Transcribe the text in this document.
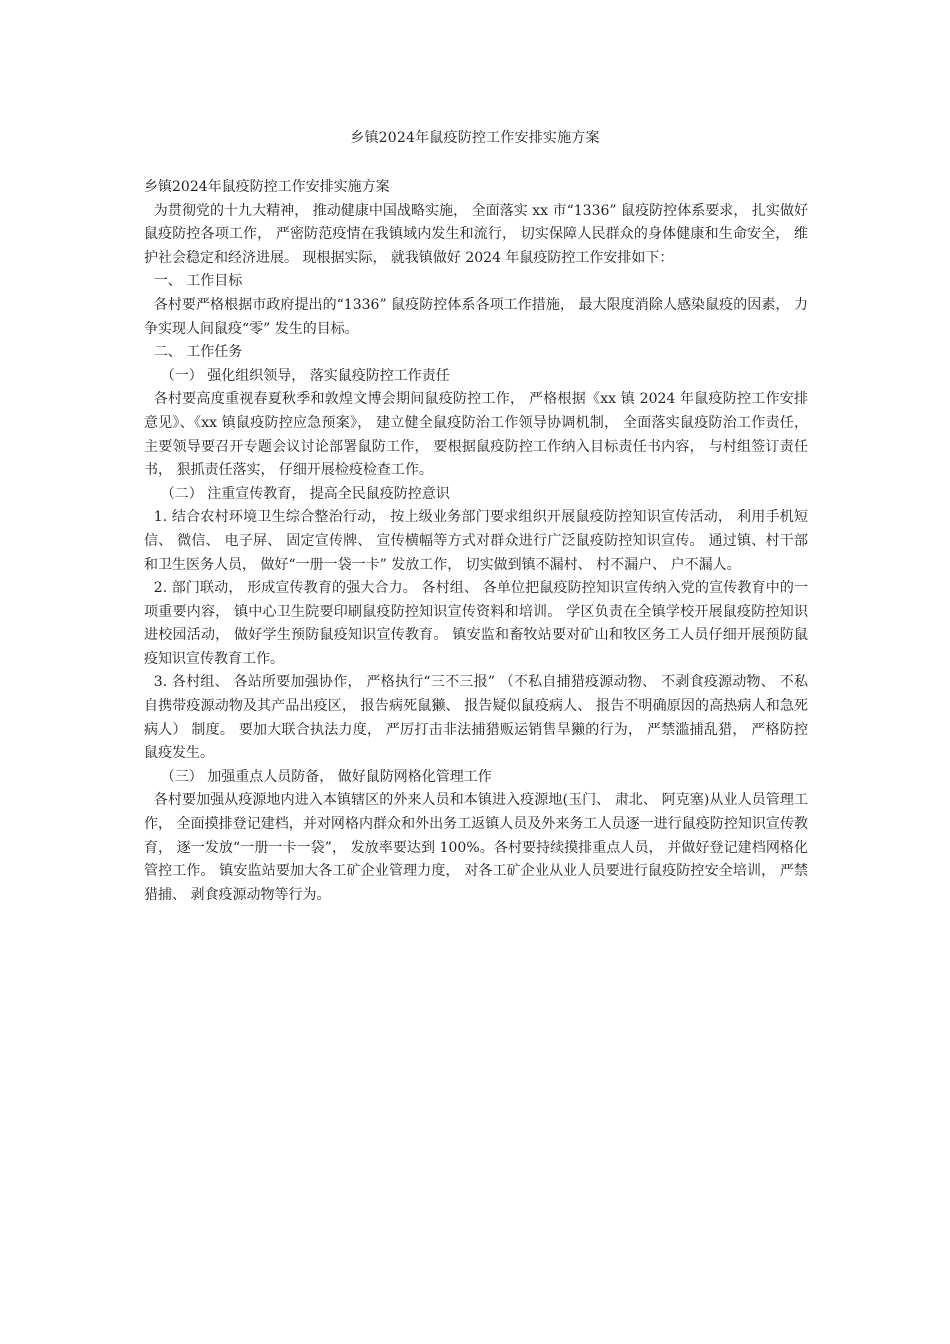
乡镇2024年鼠疫防控工作安排实施方案

乡镇2024年鼠疫防控工作安排实施方案

为贯彻党的十九大精神， 推动健康中国战略实施， 全面落实 xx 市“1336” 鼠疫防控体系要求， 扎实做好鼠疫防控各项工作， 严密防范疫情在我镇域内发生和流行， 切实保障人民群众的身体健康和生命安全， 维护社会稳定和经济进展。 现根据实际， 就我镇做好 2024 年鼠疫防控工作安排如下：

一、 工作目标

各村要严格根据市政府提出的“1336” 鼠疫防控体系各项工作措施， 最大限度消除人感染鼠疫的因素， 力争实现人间鼠疫“零” 发生的目标。

二、 工作任务

（一） 强化组织领导， 落实鼠疫防控工作责任

各村要高度重视春夏秋季和敦煌文博会期间鼠疫防控工作， 严格根据《xx 镇 2024 年鼠疫防控工作安排意见》、《xx 镇鼠疫防控应急预案》， 建立健全鼠疫防治工作领导协调机制， 全面落实鼠疫防治工作责任， 主要领导要召开专题会议讨论部署鼠防工作， 要根据鼠疫防控工作纳入目标责任书内容， 与村组签订责任书， 狠抓责任落实， 仔细开展检疫检查工作。

（二） 注重宣传教育， 提高全民鼠疫防控意识

1. 结合农村环境卫生综合整治行动， 按上级业务部门要求组织开展鼠疫防控知识宣传活动， 利用手机短信、 微信、 电子屏、 固定宣传牌、 宣传横幅等方式对群众进行广泛鼠疫防控知识宣传。 通过镇、村干部和卫生医务人员， 做好“一册一袋一卡” 发放工作， 切实做到镇不漏村、 村不漏户、 户不漏人。

2. 部门联动， 形成宣传教育的强大合力。 各村组、 各单位把鼠疫防控知识宣传纳入党的宣传教育中的一项重要内容， 镇中心卫生院要印刷鼠疫防控知识宣传资料和培训。 学区负责在全镇学校开展鼠疫防控知识进校园活动， 做好学生预防鼠疫知识宣传教育。 镇安监和畜牧站要对矿山和牧区务工人员仔细开展预防鼠疫知识宣传教育工作。

3. 各村组、 各站所要加强协作， 严格执行“三不三报” （不私自捕猎疫源动物、 不剥食疫源动物、 不私自携带疫源动物及其产品出疫区， 报告病死鼠獭、 报告疑似鼠疫病人、 报告不明确原因的高热病人和急死病人） 制度。 要加大联合执法力度， 严厉打击非法捕猎贩运销售旱獭的行为， 严禁滥捕乱猎， 严格防控鼠疫发生。

（三） 加强重点人员防备， 做好鼠防网格化管理工作

各村要加强从疫源地内进入本镇辖区的外来人员和本镇进入疫源地(玉门、 肃北、 阿克塞)从业人员管理工作， 全面摸排登记建档，并对网格内群众和外出务工返镇人员及外来务工人员逐一进行鼠疫防控知识宣传教育， 逐一发放“一册一卡一袋”， 发放率要达到 100%。各村要持续摸排重点人员， 并做好登记建档网格化管控工作。 镇安监站要加大各工矿企业管理力度， 对各工矿企业从业人员要进行鼠疫防控安全培训， 严禁猎捕、 剥食疫源动物等行为。
